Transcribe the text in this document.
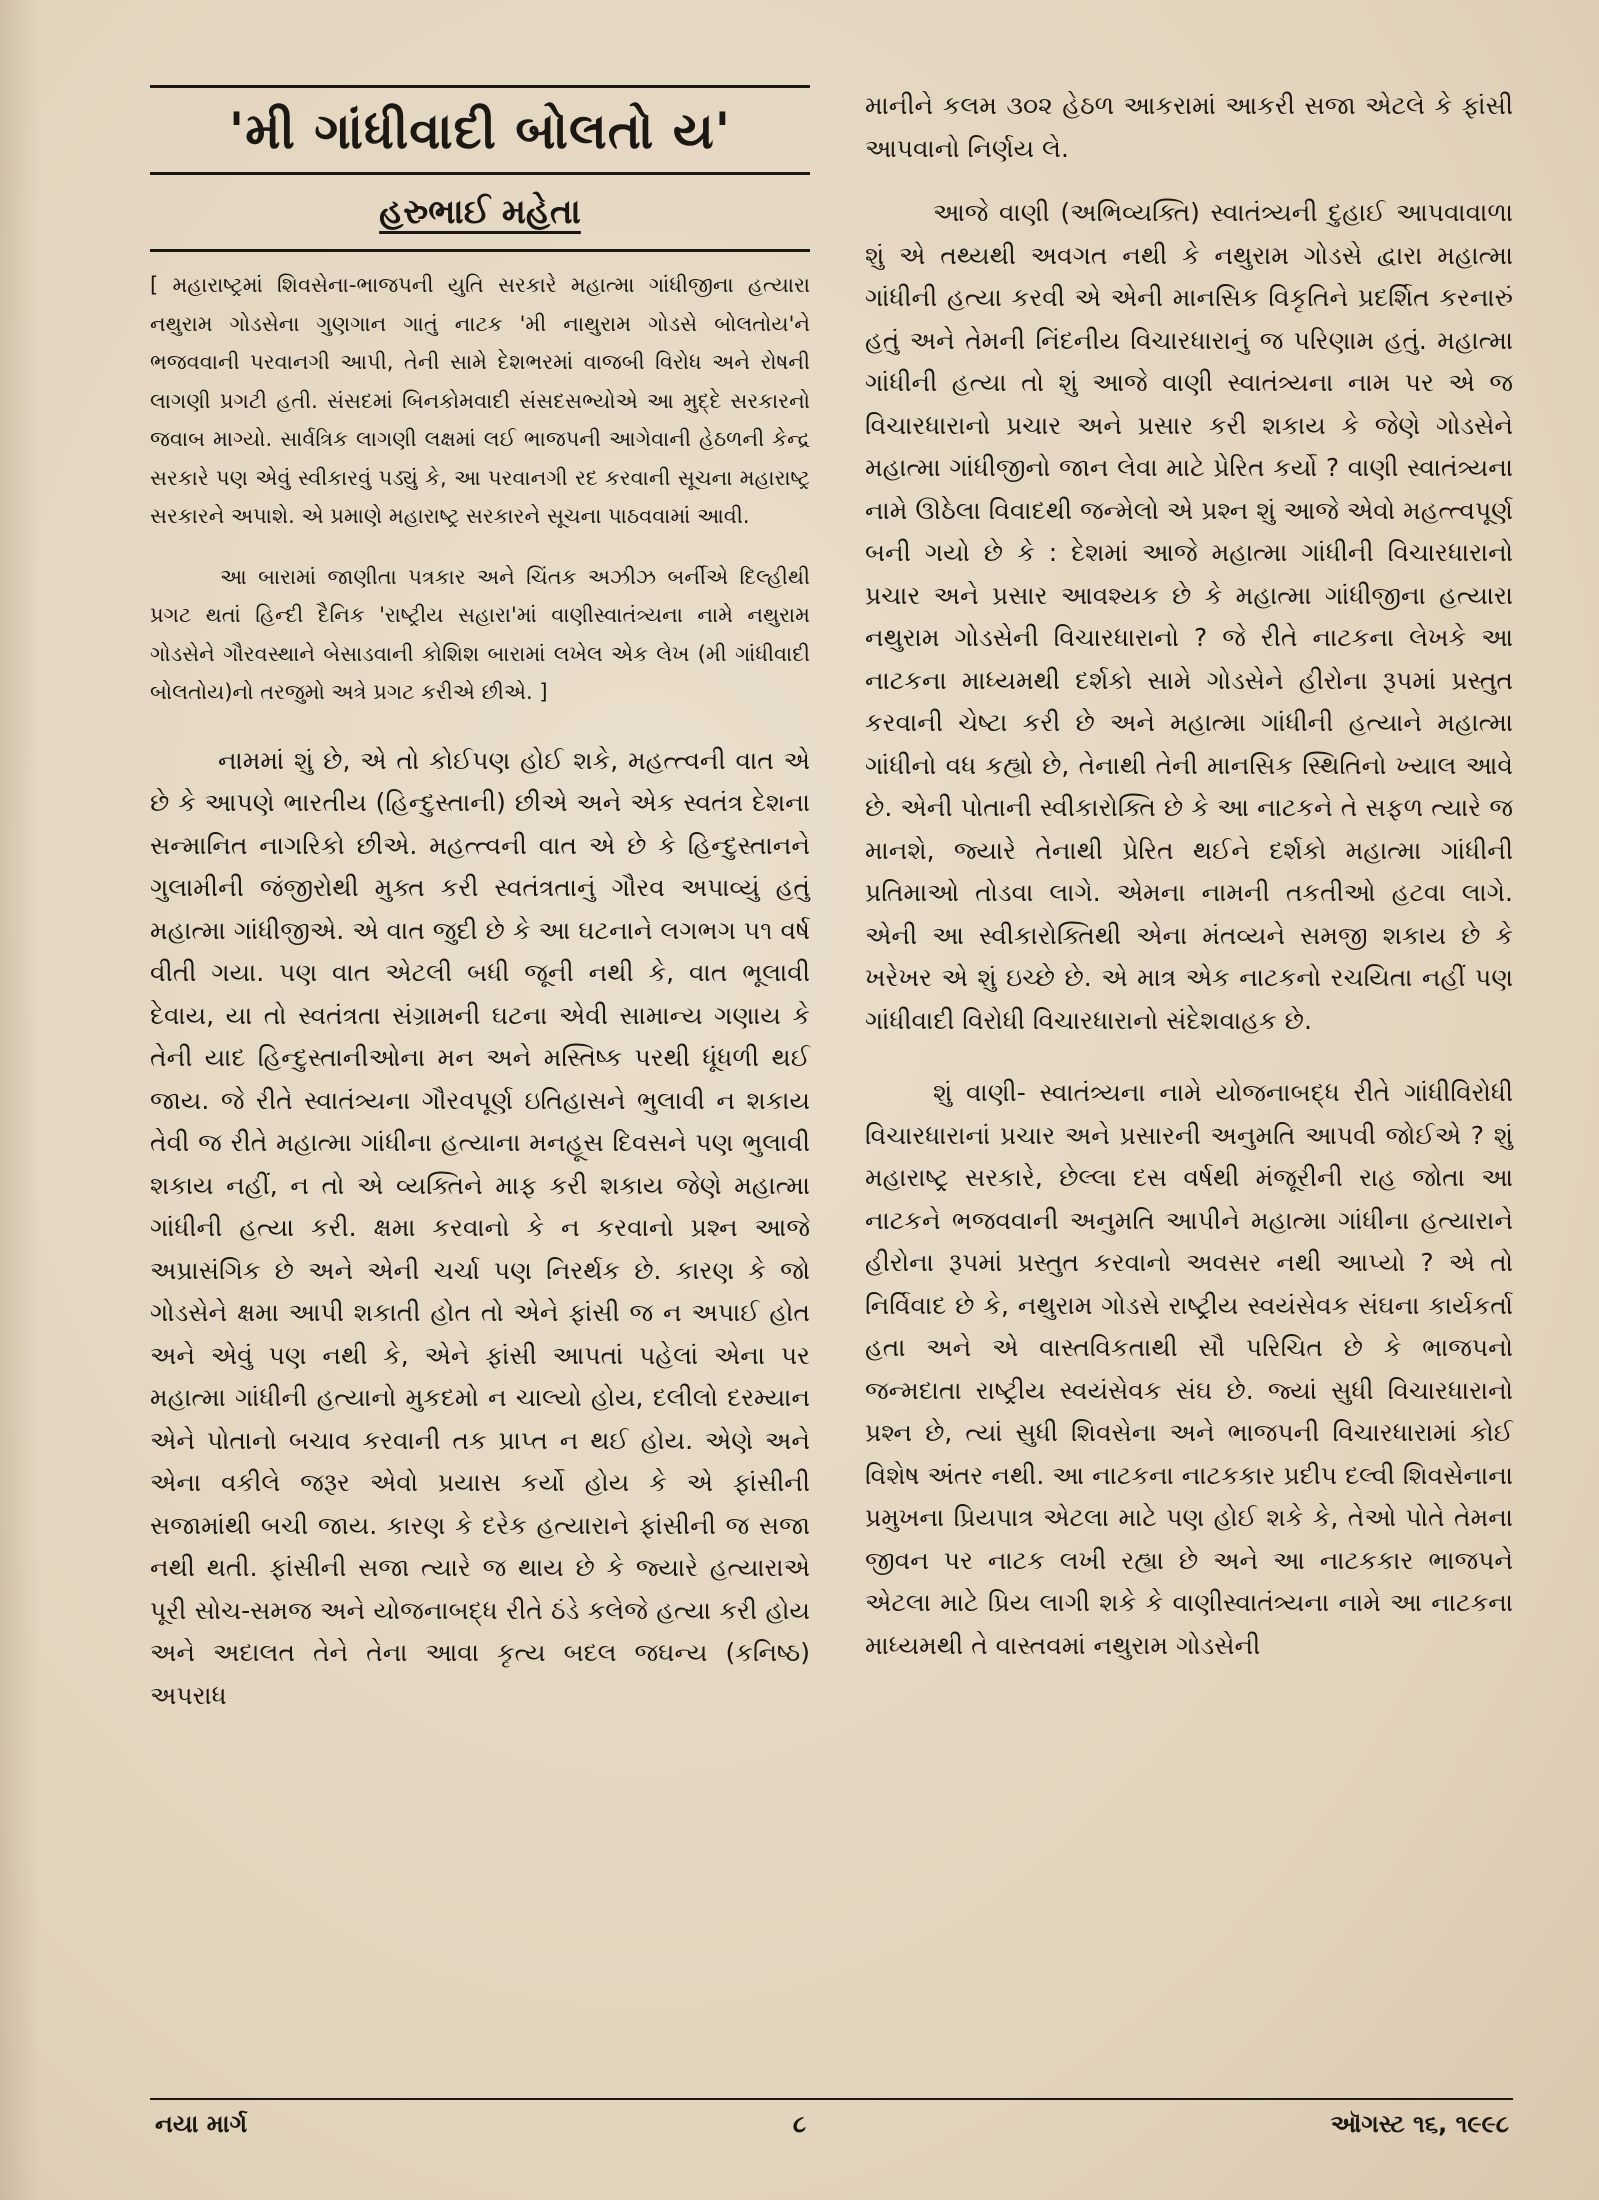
'મી ગાંધીવાદી બોલતો ય'
હરુભાઈ મહેતા

[ મહારાષ્ટ્રમાં શિવસેના-ભાજપની યુતિ સરકારે મહાત્મા ગાંધીજીના હત્યારા નથુરામ ગોડસેના ગુણગાન ગાતું નાટક 'મી નાથુરામ ગોડસે બોલતોય'ને ભજવવાની પરવાનગી આપી, તેની સામે દેશભરમાં વાજબી વિરોધ અને રોષની લાગણી પ્રગટી હતી. સંસદમાં બિનકોમવાદી સંસદસભ્યોએ આ મુદ્દે સરકારનો જવાબ માગ્યો. સાર્વત્રિક લાગણી લક્ષમાં લઈ ભાજપની આગેવાની હેઠળની કેન્દ્ર સરકારે પણ એવું સ્વીકારવું પડ્યું કે, આ પરવાનગી રદ કરવાની સૂચના મહારાષ્ટ્ર સરકારને અપાશે. એ પ્રમાણે મહારાષ્ટ્ર સરકારને સૂચના પાઠવવામાં આવી.

આ બારામાં જાણીતા પત્રકાર અને ચિંતક અઝીઝ બર્નીએ દિલ્હીથી પ્રગટ થતાં હિન્દી દૈનિક 'રાષ્ટ્રીય સહારા'માં વાણીસ્વાતંત્ર્યના નામે નથુરામ ગોડસેને ગૌરવસ્થાને બેસાડવાની કોશિશ બારામાં લખેલ એક લેખ (મી ગાંધીવાદી બોલતોય)નો તરજુમો અત્રે પ્રગટ કરીએ છીએ. ]

નામમાં શું છે, એ તો કોઈપણ હોઈ શકે, મહત્ત્વની વાત એ છે કે આપણે ભારતીય (હિન્દુસ્તાની) છીએ અને એક સ્વતંત્ર દેશના સન્માનિત નાગરિકો છીએ. મહત્ત્વની વાત એ છે કે હિન્દુસ્તાનને ગુલામીની જંજીરોથી મુક્ત કરી સ્વતંત્રતાનું ગૌરવ અપાવ્યું હતું મહાત્મા ગાંધીજીએ. એ વાત જુદી છે કે આ ઘટનાને લગભગ ૫૧ વર્ષ વીતી ગયા. પણ વાત એટલી બધી જૂની નથી કે, વાત ભૂલાવી દેવાય, યા તો સ્વતંત્રતા સંગ્રામની ઘટના એવી સામાન્ય ગણાય કે તેની યાદ હિન્દુસ્તાનીઓના મન અને મસ્તિષ્ક પરથી ધૂંધળી થઈ જાય. જે રીતે સ્વાતંત્ર્યના ગૌરવપૂર્ણ ઇતિહાસને ભુલાવી ન શકાય તેવી જ રીતે મહાત્મા ગાંધીના હત્યાના મનહૂસ દિવસને પણ ભુલાવી શકાય નહીં, ન તો એ વ્યક્તિને માફ કરી શકાય જેણે મહાત્મા ગાંધીની હત્યા કરી. ક્ષમા કરવાનો કે ન કરવાનો પ્રશ્ન આજે અપ્રાસંગિક છે અને એની ચર્ચા પણ નિરર્થક છે. કારણ કે જો ગોડસેને ક્ષમા આપી શકાતી હોત તો એને ફાંસી જ ન અપાઈ હોત અને એવું પણ નથી કે, એને ફાંસી આપતાં પહેલાં એના પર મહાત્મા ગાંધીની હત્યાનો મુકદમો ન ચાલ્યો હોય, દલીલો દરમ્યાન એને પોતાનો બચાવ કરવાની તક પ્રાપ્ત ન થઈ હોય. એણે અને એના વકીલે જરૂર એવો પ્રયાસ કર્યો હોય કે એ ફાંસીની સજામાંથી બચી જાય. કારણ કે દરેક હત્યારાને ફાંસીની જ સજા નથી થતી. ફાંસીની સજા ત્યારે જ થાય છે કે જ્યારે હત્યારાએ પૂરી સોચ-સમજ અને યોજનાબદ્ધ રીતે ઠંડે કલેજે હત્યા કરી હોય અને અદાલત તેને તેના આવા કૃત્ય બદલ જઘન્ય (કનિષ્ઠ) અપરાધ

માનીને કલમ ૩૦૨ હેઠળ આકરામાં આકરી સજા એટલે કે ફાંસી આપવાનો નિર્ણય લે.

આજે વાણી (અભિવ્યક્તિ) સ્વાતંત્ર્યની દુહાઈ આપવાવાળા શું એ તથ્યથી અવગત નથી કે નથુરામ ગોડસે દ્વારા મહાત્મા ગાંધીની હત્યા કરવી એ એની માનસિક વિકૃતિને પ્રદર્શિત કરનારું હતું અને તેમની નિંદનીય વિચારધારાનું જ પરિણામ હતું. મહાત્મા ગાંધીની હત્યા તો શું આજે વાણી સ્વાતંત્ર્યના નામ પર એ જ વિચારધારાનો પ્રચાર અને પ્રસાર કરી શકાય કે જેણે ગોડસેને મહાત્મા ગાંધીજીનો જાન લેવા માટે પ્રેરિત કર્યો ? વાણી સ્વાતંત્ર્યના નામે ઊઠેલા વિવાદથી જન્મેલો એ પ્રશ્ન શું આજે એવો મહત્ત્વપૂર્ણ બની ગયો છે કે : દેશમાં આજે મહાત્મા ગાંધીની વિચારધારાનો પ્રચાર અને પ્રસાર આવશ્યક છે કે મહાત્મા ગાંધીજીના હત્યારા નથુરામ ગોડસેની વિચારધારાનો ? જે રીતે નાટકના લેખકે આ નાટકના માધ્યમથી દર્શકો સામે ગોડસેને હીરોના રૂપમાં પ્રસ્તુત કરવાની ચેષ્ટા કરી છે અને મહાત્મા ગાંધીની હત્યાને મહાત્મા ગાંધીનો વધ કહ્યો છે, તેનાથી તેની માનસિક સ્થિતિનો ખ્યાલ આવે છે. એની પોતાની સ્વીકારોક્તિ છે કે આ નાટકને તે સફળ ત્યારે જ માનશે, જ્યારે તેનાથી પ્રેરિત થઈને દર્શકો મહાત્મા ગાંધીની પ્રતિમાઓ તોડવા લાગે. એમના નામની તકતીઓ હટવા લાગે. એની આ સ્વીકારોક્તિથી એના મંતવ્યને સમજી શકાય છે કે ખરેખર એ શું ઇચ્છે છે. એ માત્ર એક નાટકનો રચયિતા નહીં પણ ગાંધીવાદી વિરોધી વિચારધારાનો સંદેશવાહક છે.

શું વાણી- સ્વાતંત્ર્યના નામે યોજનાબદ્ધ રીતે ગાંધીવિરોધી વિચારધારાનાં પ્રચાર અને પ્રસારની અનુમતિ આપવી જોઈએ ? શું મહારાષ્ટ્ર સરકારે, છેલ્લા દસ વર્ષથી મંજૂરીની રાહ જોતા આ નાટકને ભજવવાની અનુમતિ આપીને મહાત્મા ગાંધીના હત્યારાને હીરોના રૂપમાં પ્રસ્તુત કરવાનો અવસર નથી આપ્યો ? એ તો નિર્વિવાદ છે કે, નથુરામ ગોડસે રાષ્ટ્રીય સ્વયંસેવક સંઘના કાર્યકર્તા હતા અને એ વાસ્તવિકતાથી સૌ પરિચિત છે કે ભાજપનો જન્મદાતા રાષ્ટ્રીય સ્વયંસેવક સંઘ છે. જ્યાં સુધી વિચારધારાનો પ્રશ્ન છે, ત્યાં સુધી શિવસેના અને ભાજપની વિચારધારામાં કોઈ વિશેષ અંતર નથી. આ નાટકના નાટકકાર પ્રદીપ દલ્વી શિવસેનાના પ્રમુખના પ્રિયપાત્ર એટલા માટે પણ હોઈ શકે કે, તેઓ પોતે તેમના જીવન પર નાટક લખી રહ્યા છે અને આ નાટકકાર ભાજપને એટલા માટે પ્રિય લાગી શકે કે વાણીસ્વાતંત્ર્યના નામે આ નાટકના માધ્યમથી તે વાસ્તવમાં નથુરામ ગોડસેની

નયા માર્ગ	૮	ઑગસ્ટ ૧૬, ૧૯૯૮
